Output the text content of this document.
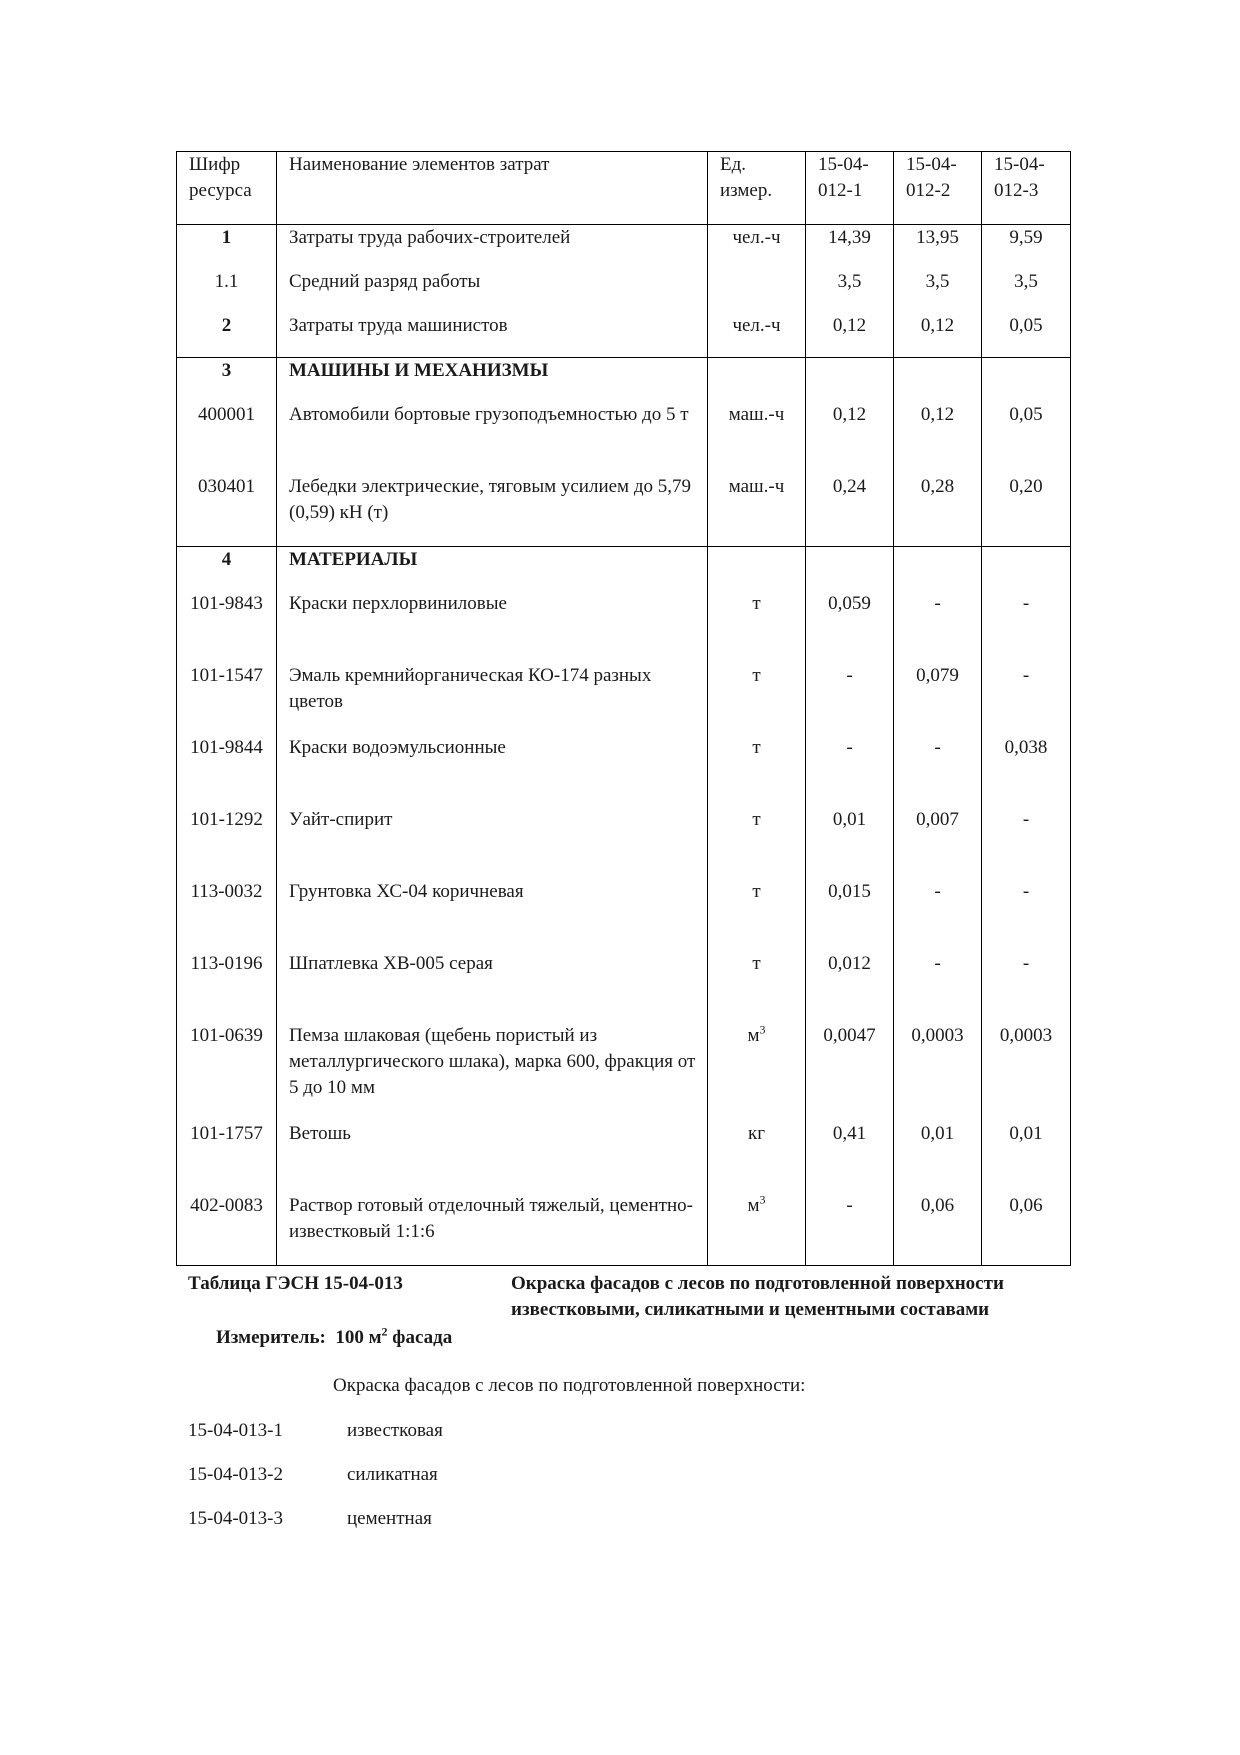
Шифр ресурса	Наименование элементов затрат	Ед. измер.	15-04-012-1	15-04-012-2	15-04-012-3
1	Затраты труда рабочих-строителей	чел.-ч	14,39	13,95	9,59
1.1	Средний разряд работы		3,5	3,5	3,5
2	Затраты труда машинистов	чел.-ч	0,12	0,12	0,05
3	МАШИНЫ И МЕХАНИЗМЫ				
400001	Автомобили бортовые грузоподъемностью до 5 т	маш.-ч	0,12	0,12	0,05
030401	Лебедки электрические, тяговым усилием до 5,79 (0,59) кН (т)	маш.-ч	0,24	0,28	0,20
4	МАТЕРИАЛЫ				
101-9843	Краски перхлорвиниловые	т	0,059	-	-
101-1547	Эмаль кремнийорганическая КО-174 разных цветов	т	-	0,079	-
101-9844	Краски водоэмульсионные	т	-	-	0,038
101-1292	Уайт-спирит	т	0,01	0,007	-
113-0032	Грунтовка ХС-04 коричневая	т	0,015	-	-
113-0196	Шпатлевка ХВ-005 серая	т	0,012	-	-
101-0639	Пемза шлаковая (щебень пористый из металлургического шлака), марка 600, фракция от 5 до 10 мм	$м^3$	0,0047	0,0003	0,0003
101-1757	Ветошь	кг	0,41	0,01	0,01
402-0083	Раствор готовый отделочный тяжелый, цементно-известковый 1:1:6	$м^3$	-	0,06	0,06
Таблица ГЭСН 15-04-013	Окраска фасадов с лесов по подготовленной поверхности известковыми, силикатными и цементными составами
Измеритель: 100 $м^2$ фасада
Окраска фасадов с лесов по подготовленной поверхности:
15-04-013-1	известковая
15-04-013-2	силикатная
15-04-013-3	цементная
